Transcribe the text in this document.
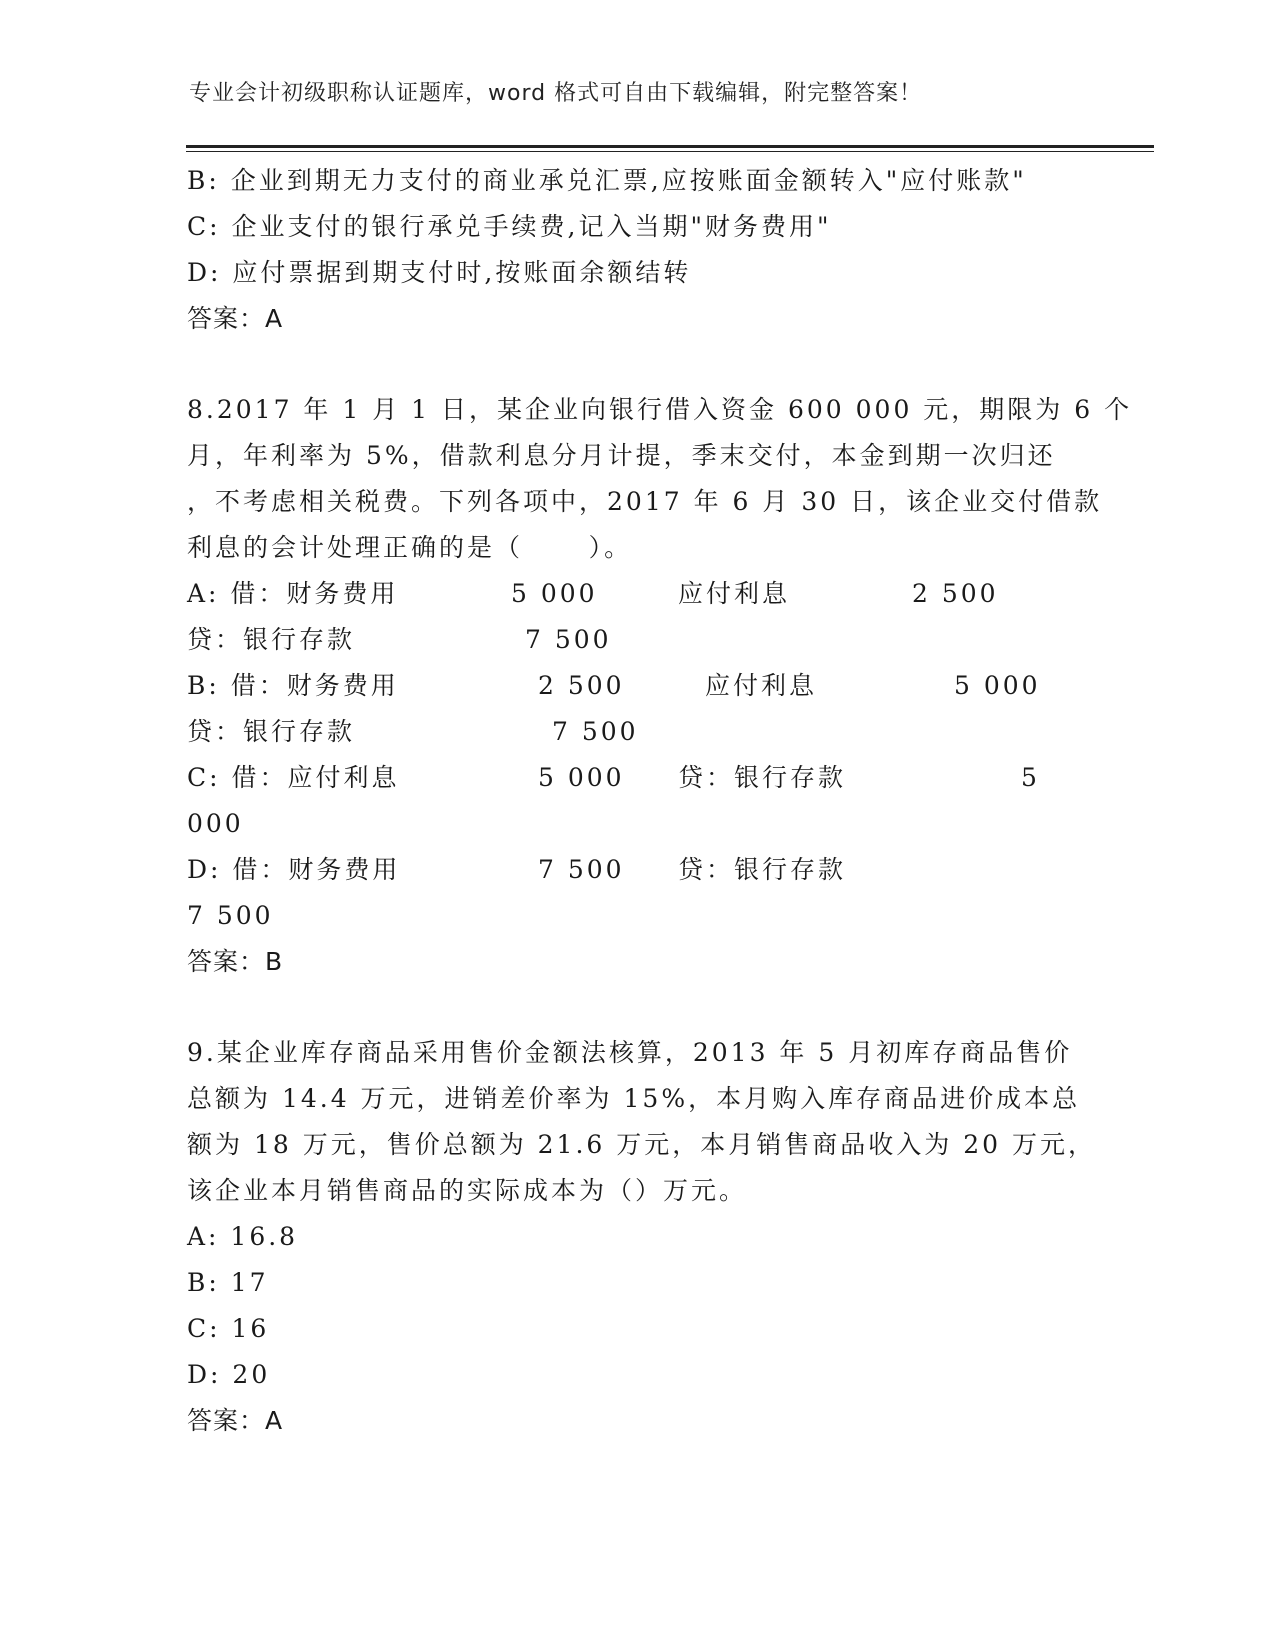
专业会计初级职称认证题库，word 格式可自由下载编辑，附完整答案！
B: 企业到期无力支付的商业承兑汇票,应按账面金额转入"应付账款"
C: 企业支付的银行承兑手续费,记入当期"财务费用"
D: 应付票据到期支付时,按账面余额结转
答案：A
8.2017 年 1 月 1 日，某企业向银行借入资金 600 000 元，期限为 6 个
月，年利率为 5%，借款利息分月计提，季末交付，本金到期一次归还
，不考虑相关税费。下列各项中，2017 年 6 月 30 日，该企业交付借款
利息的会计处理正确的是（      ）。

A: 借：财务费用

	5 000

	应付利息

	2 500

贷：银行存款

	7 500

B: 借：财务费用

	2 500

	应付利息

	5 000

贷：银行存款

	7 500

C: 借：应付利息

	5 000

贷：银行存款

	5

000

D: 借：财务费用

	7 500

贷：银行存款

7 500
答案：B
9.某企业库存商品采用售价金额法核算，2013 年 5 月初库存商品售价
总额为 14.4 万元，进销差价率为 15%，本月购入库存商品进价成本总
额为 18 万元，售价总额为 21.6 万元，本月销售商品收入为 20 万元，
该企业本月销售商品的实际成本为（）万元。
A: 16.8
B: 17
C: 16
D: 20
答案：A
